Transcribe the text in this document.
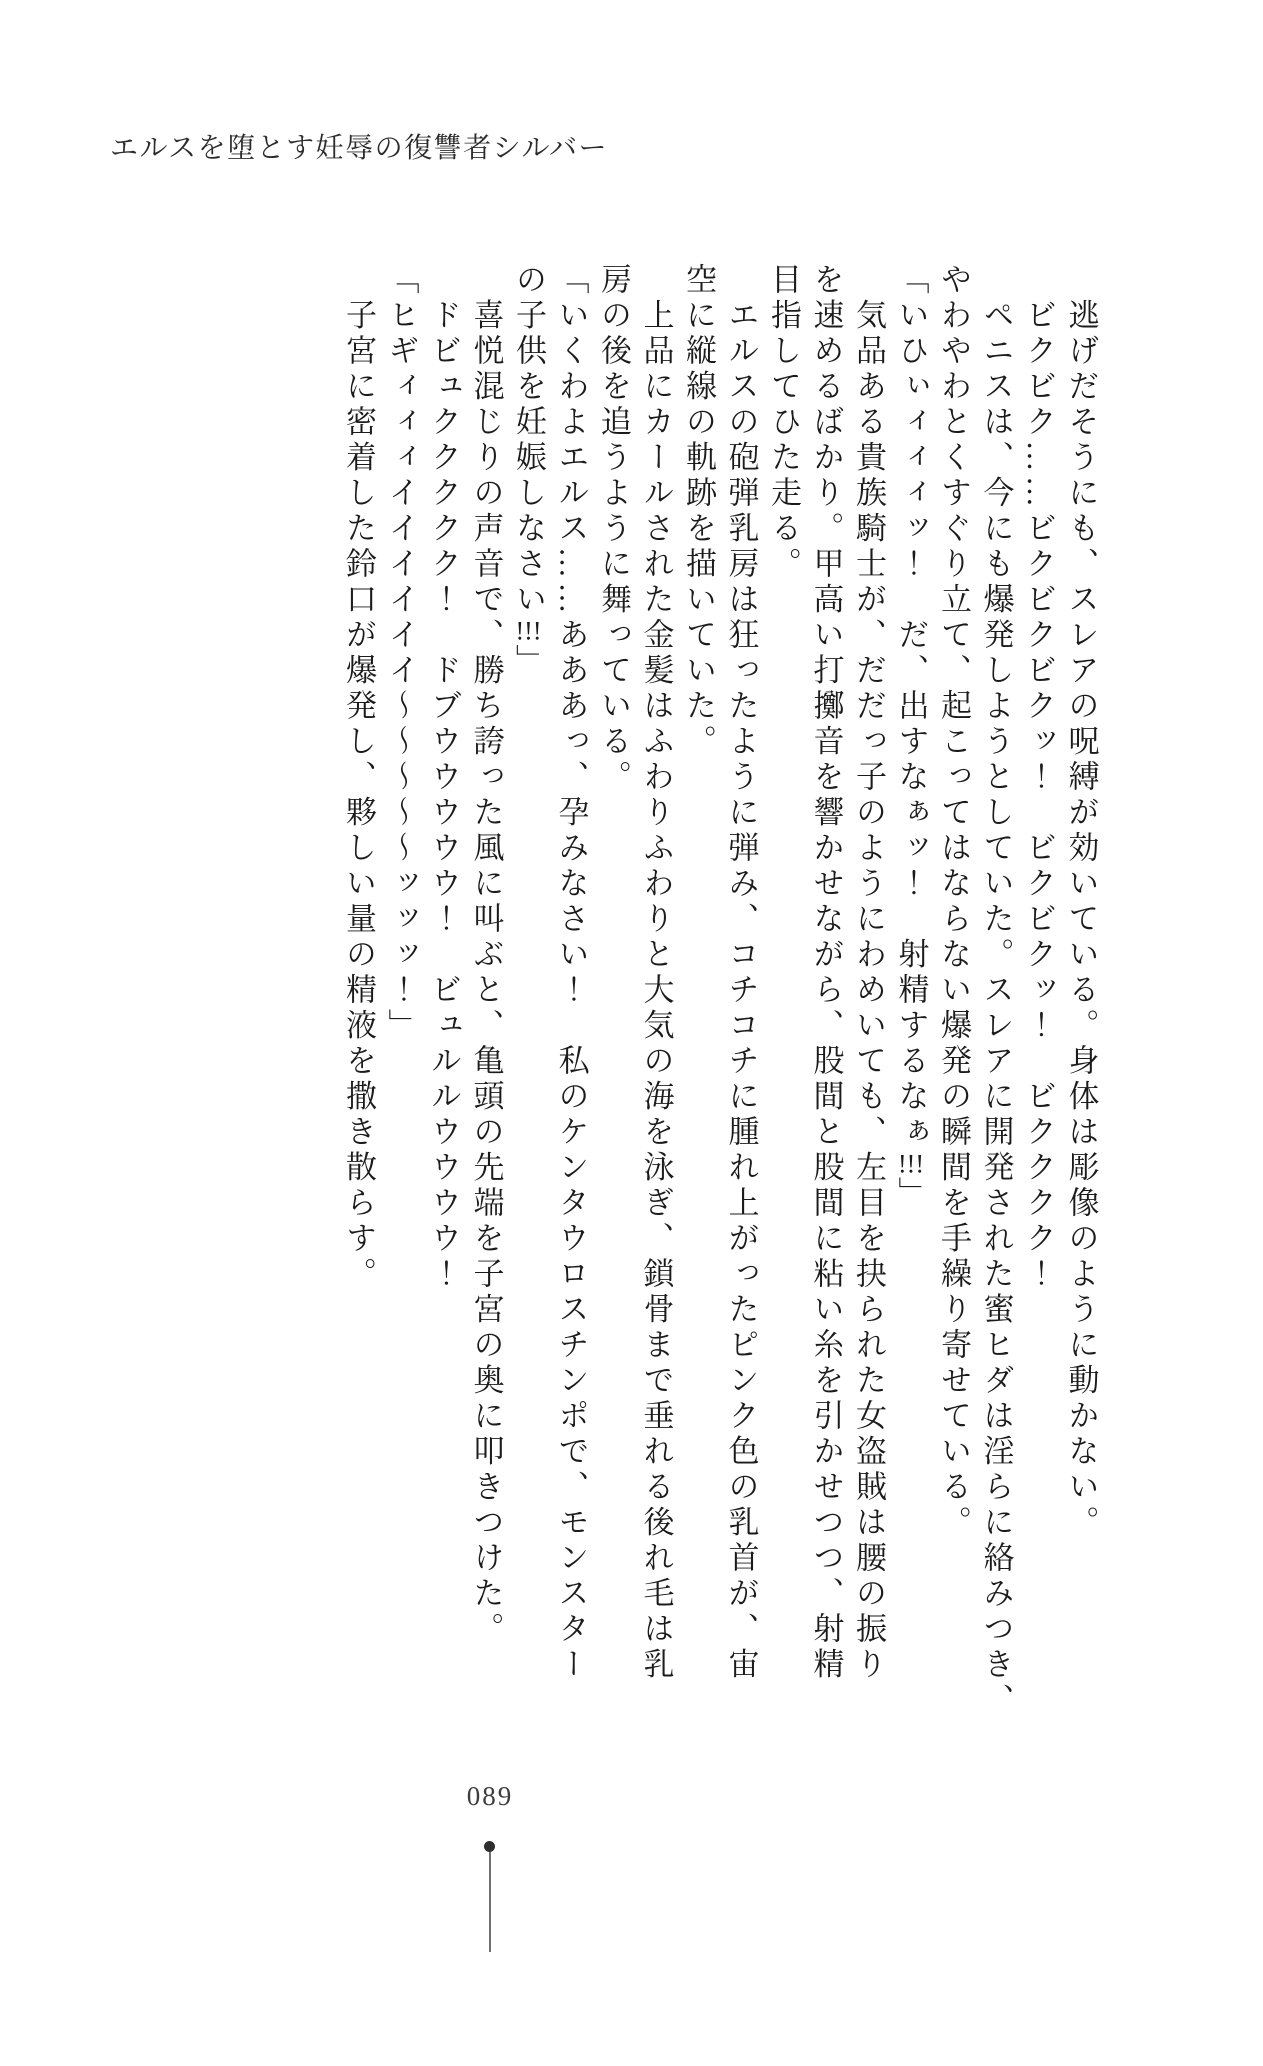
エルスを堕とす妊辱の復讐者シルバー

　逃げだそうにも、スレアの呪縛が効いている。身体は彫像のように動かない。

　ビクビク……ビクビクビクッ！　ビクビクッ！　ビクククク！

　ペニスは、今にも爆発しようとしていた。スレアに開発された蜜ヒダは淫らに絡みつき、

やわやわとくすぐり立て、起こってはならない爆発の瞬間を手繰り寄せている。

「いひぃィィィッ！　だ、出すなぁッ！　射精するなぁ!!!」

　気品ある貴族騎士が、だだっ子のようにわめいても、左目を抉られた女盗賊は腰の振り

を速めるばかり。甲高い打擲音を響かせながら、股間と股間に粘い糸を引かせつつ、射精

目指してひた走る。

　エルスの砲弾乳房は狂ったように弾み、コチコチに腫れ上がったピンク色の乳首が、宙

空に縦線の軌跡を描いていた。

　上品にカールされた金髪はふわりふわりと大気の海を泳ぎ、鎖骨まで垂れる後れ毛は乳

房の後を追うように舞っている。

「いくわよエルス……あああっ、孕みなさい！　私のケンタウロスチンポで、モンスター

の子供を妊娠しなさい!!!」

　喜悦混じりの声音で、勝ち誇った風に叫ぶと、亀頭の先端を子宮の奥に叩きつけた。

　ドビュククククク！　ドブウウウウウ！　ビュルルウウウウ！

「ヒギィィィイイイイイイ〜〜〜〜〜ッッッ！」

　子宮に密着した鈴口が爆発し、夥しい量の精液を撒き散らす。

089
